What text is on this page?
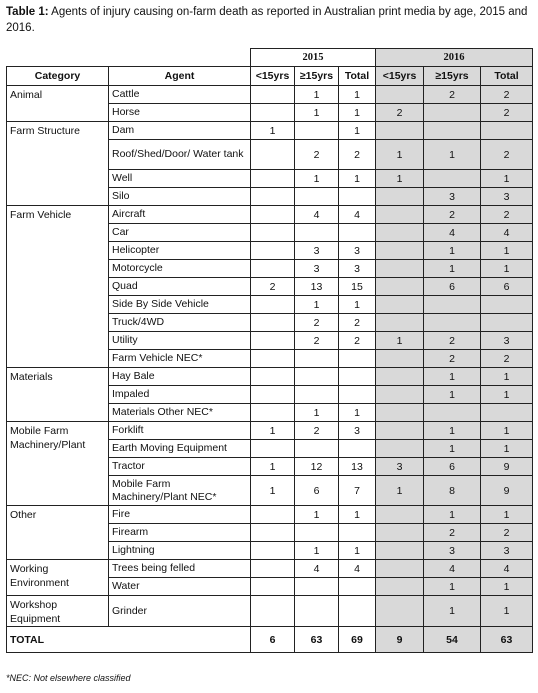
Table 1: Agents of injury causing on-farm death as reported in Australian print media by age, 2015 and 2016.
		2015			2016		
Category	Agent	<15yrs	≥15yrs	Total	<15yrs	≥15yrs	Total
Animal	Cattle		1	1		2	2
	Horse		1	1	2		2
Farm Structure	Dam	1		1			
	Roof/Shed/Door/ Water tank		2	2	1	1	2
	Well		1	1	1		1
	Silo					3	3
Farm Vehicle	Aircraft		4	4		2	2
	Car					4	4
	Helicopter		3	3		1	1
	Motorcycle		3	3		1	1
	Quad	2	13	15		6	6
	Side By Side Vehicle		1	1			
	Truck/4WD		2	2			
	Utility		2	2	1	2	3
	Farm Vehicle NEC*					2	2
Materials	Hay Bale					1	1
	Impaled					1	1
	Materials Other NEC*		1	1			
Mobile Farm Machinery/Plant	Forklift	1	2	3		1	1
	Earth Moving Equipment					1	1
	Tractor	1	12	13	3	6	9
	Mobile Farm Machinery/Plant NEC*	1	6	7	1	8	9
Other	Fire		1	1		1	1
	Firearm					2	2
	Lightning		1	1		3	3
Working Environment	Trees being felled		4	4		4	4
	Water					1	1
Workshop Equipment	Grinder					1	1
TOTAL		6	63	69	9	54	63
*NEC: Not elsewhere classified
